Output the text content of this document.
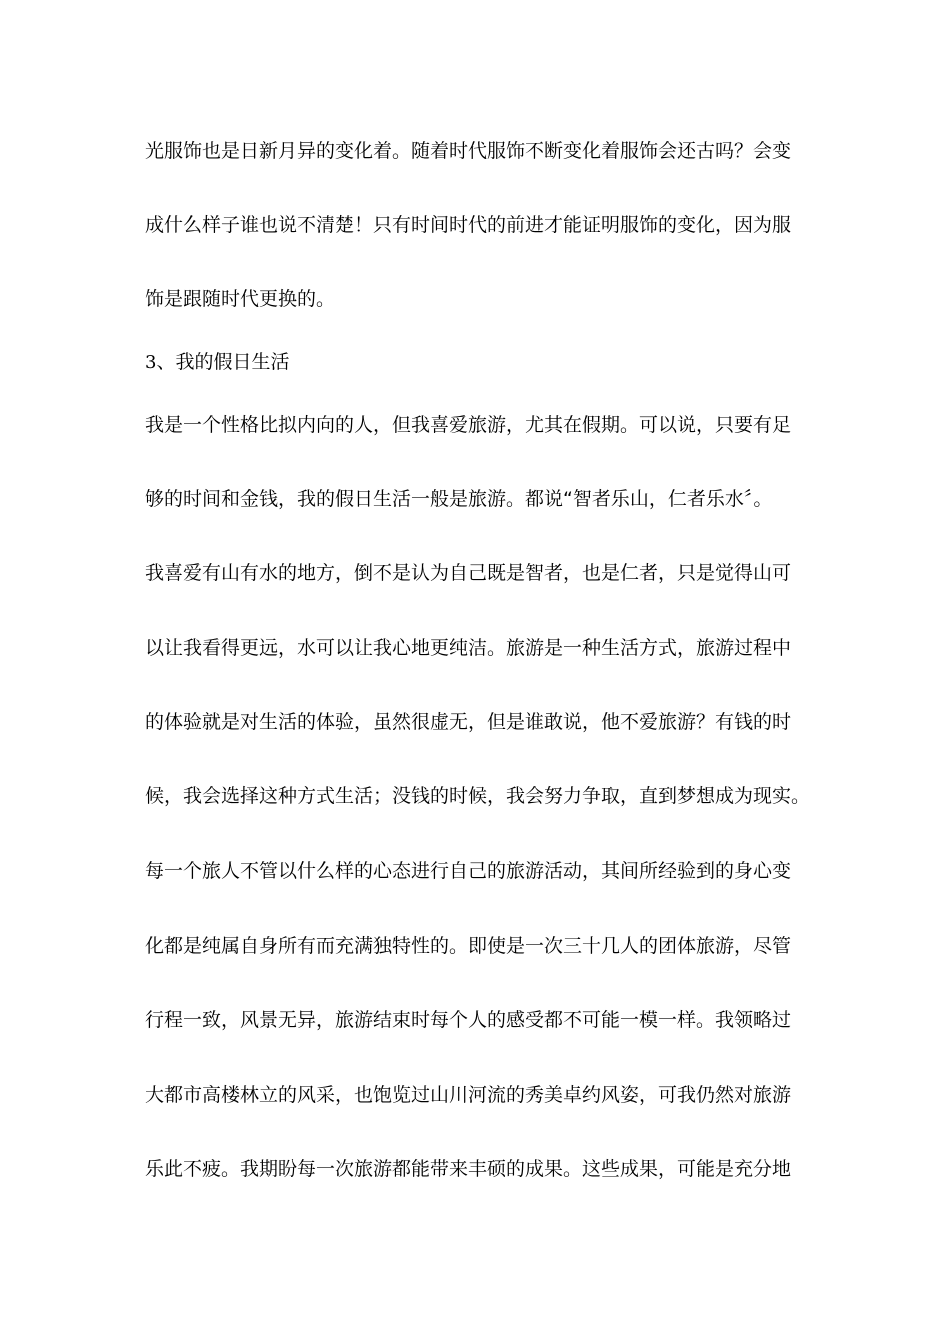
光服饰也是日新月异的变化着。随着时代服饰不断变化着服饰会还古吗？会变
成什么样子谁也说不清楚！只有时间时代的前进才能证明服饰的变化，因为服
饰是跟随时代更换的。
3、我的假日生活
我是一个性格比拟内向的人，但我喜爱旅游，尤其在假期。可以说，只要有足
够的时间和金钱，我的假日生活一般是旅游。都说“智者乐山，仁者乐水〞。
我喜爱有山有水的地方，倒不是认为自己既是智者，也是仁者，只是觉得山可
以让我看得更远，水可以让我心地更纯洁。旅游是一种生活方式，旅游过程中
的体验就是对生活的体验，虽然很虚无，但是谁敢说，他不爱旅游？有钱的时
候，我会选择这种方式生活；没钱的时候，我会努力争取，直到梦想成为现实。
每一个旅人不管以什么样的心态进行自己的旅游活动，其间所经验到的身心变
化都是纯属自身所有而充满独特性的。即使是一次三十几人的团体旅游，尽管
行程一致，风景无异，旅游结束时每个人的感受都不可能一模一样。我领略过
大都市高楼林立的风采，也饱览过山川河流的秀美卓约风姿，可我仍然对旅游
乐此不疲。我期盼每一次旅游都能带来丰硕的成果。这些成果，可能是充分地
